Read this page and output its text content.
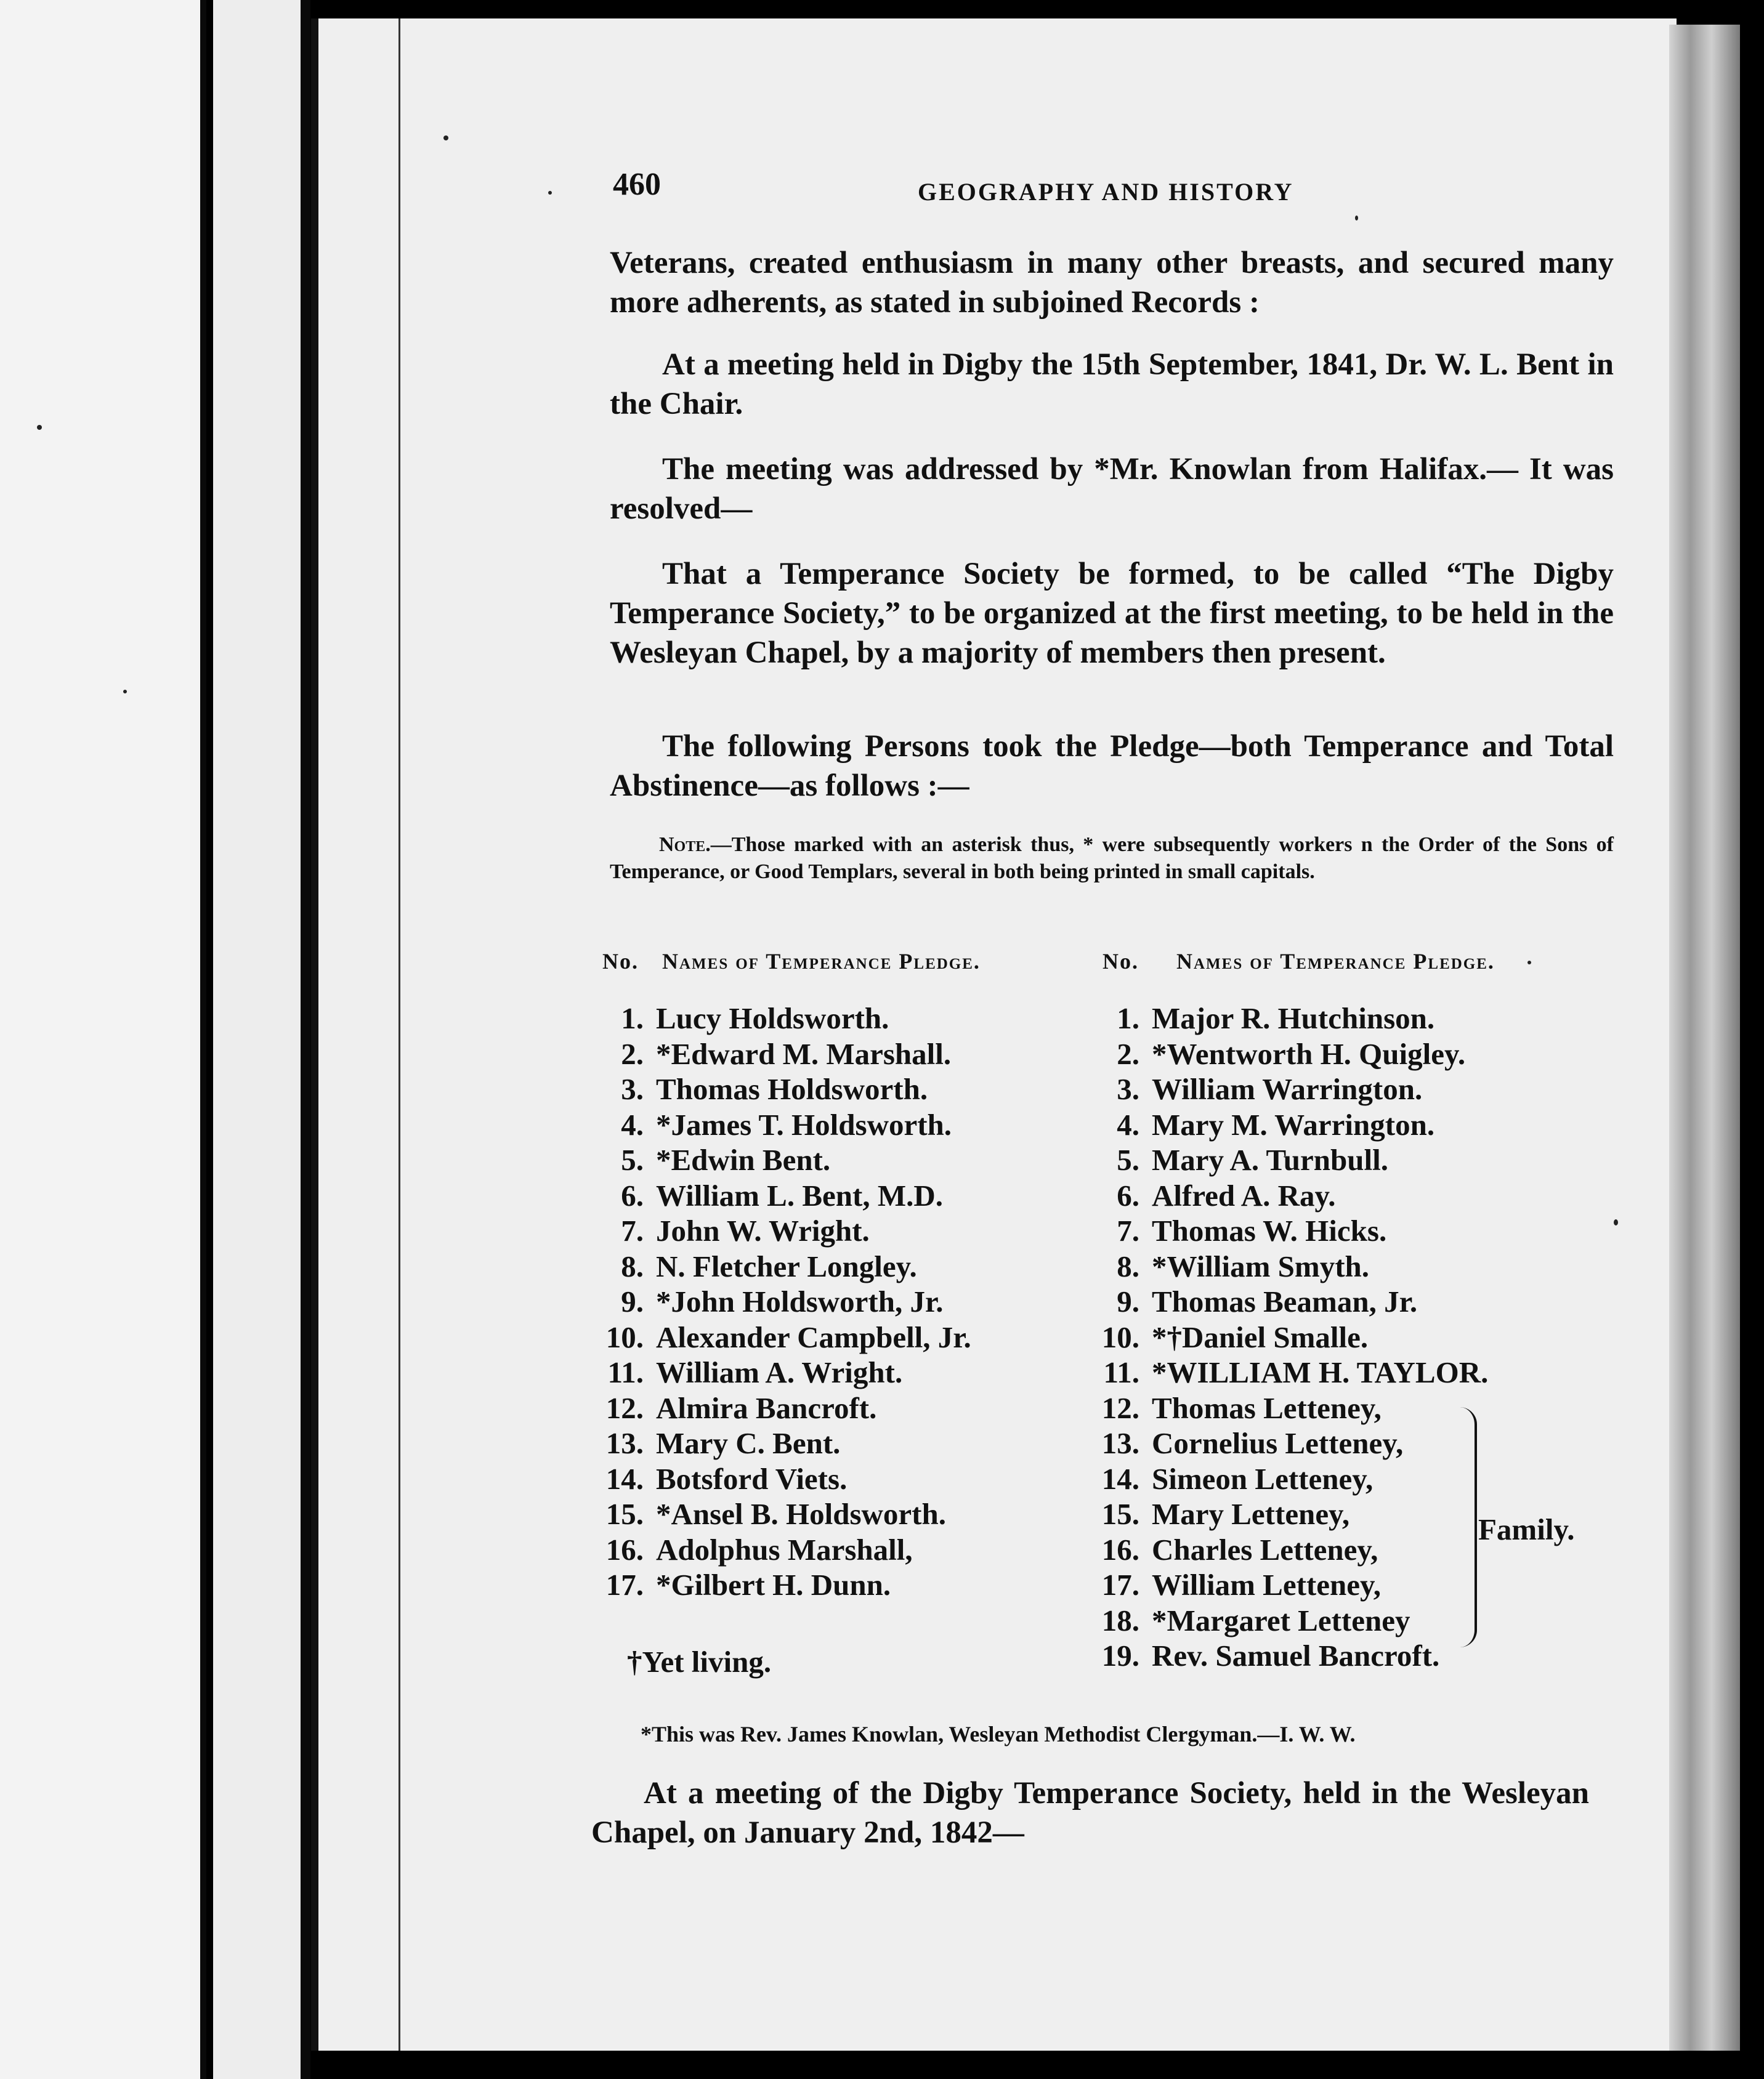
460	GEOGRAPHY AND HISTORY
Veterans, created enthusiasm in many other breasts, and secured many more adherents, as stated in subjoined Records :
At a meeting held in Digby the 15th September, 1841, Dr. W. L. Bent in the Chair.
The meeting was addressed by *Mr. Knowlan from Halifax.— It was resolved—
That a Temperance Society be formed, to be called “The Digby Temperance Society,” to be organized at the first meeting, to be held in the Wesleyan Chapel, by a majority of members then present.
The following Persons took the Pledge—both Temperance and Total Abstinence—as follows :—
Note.—Those marked with an asterisk thus, * were subsequently workers n the Order of the Sons of Temperance, or Good Templars, several in both being printed in small capitals.
No. Names of Temperance Pledge.	No. Names of Temperance Pledge.
1. Lucy Holdsworth.
2. *Edward M. Marshall.
3. Thomas Holdsworth.
4. *James T. Holdsworth.
5. *Edwin Bent.
6. William L. Bent, M.D.
7. John W. Wright.
8. N. Fletcher Longley.
9. *John Holdsworth, Jr.
10. Alexander Campbell, Jr.
11. William A. Wright.
12. Almira Bancroft.
13. Mary C. Bent.
14. Botsford Viets.
15. *Ansel B. Holdsworth.
16. Adolphus Marshall,
17. *Gilbert H. Dunn.
1. Major R. Hutchinson.
2. *Wentworth H. Quigley.
3. William Warrington.
4. Mary M. Warrington.
5. Mary A. Turnbull.
6. Alfred A. Ray.
7. Thomas W. Hicks.
8. *William Smyth.
9. Thomas Beaman, Jr.
10. *†Daniel Smalle.
11. *WILLIAM H. TAYLOR.
12. Thomas Letteney,
13. Cornelius Letteney,
14. Simeon Letteney,
15. Mary Letteney,
16. Charles Letteney,
17. William Letteney,
18. *Margaret Letteney
19. Rev. Samuel Bancroft.
Family.
†Yet living.
*This was Rev. James Knowlan, Wesleyan Methodist Clergyman.—I. W. W.
At a meeting of the Digby Temperance Society, held in the Wesleyan Chapel, on January 2nd, 1842—
